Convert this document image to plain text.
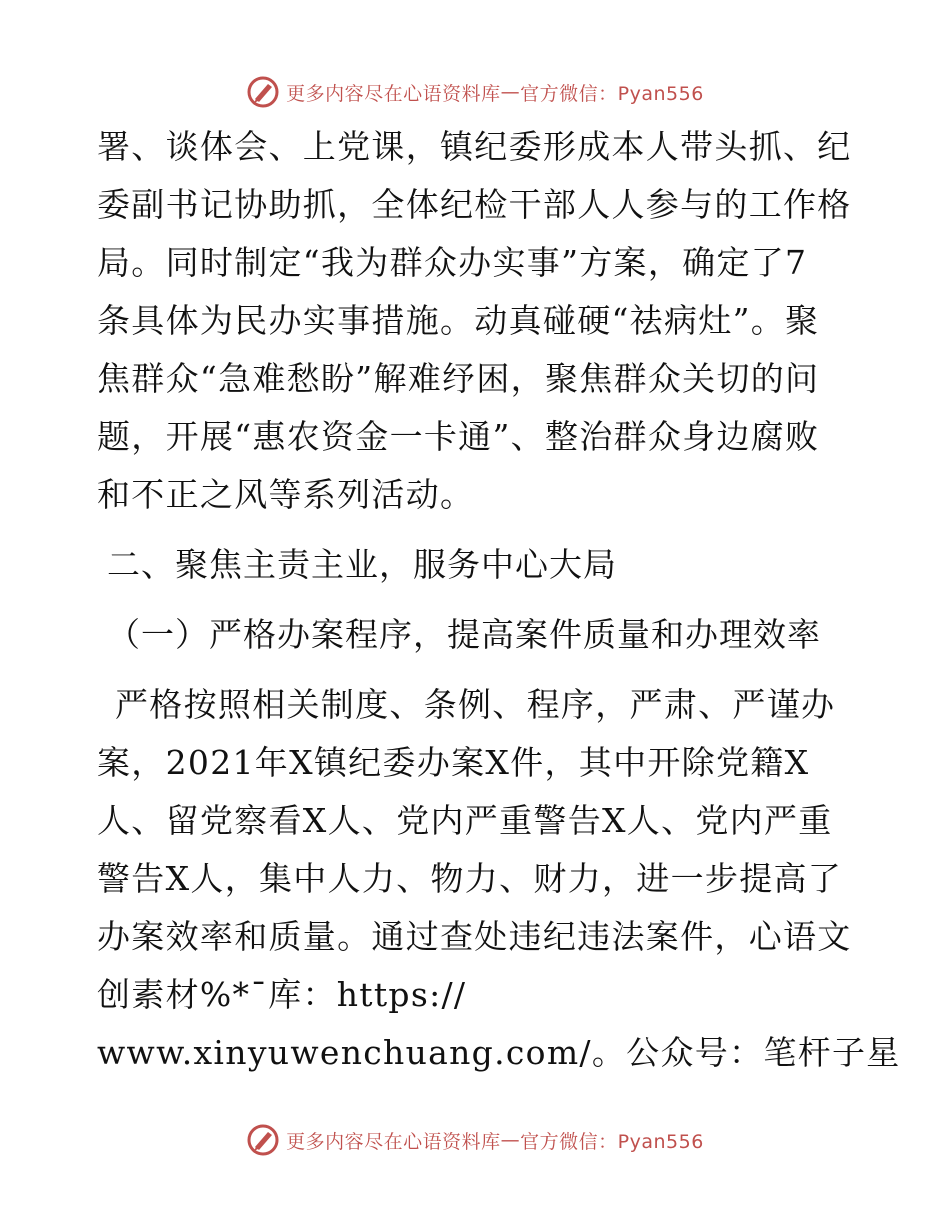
更多内容尽在心语资料库 — 官方微信：Pyan556
署、谈体会、上党课，镇纪委形成本人带头抓、纪
委副书记协助抓，全体纪检干部人人参与的工作格
局。同时制定“我为群众办实事”方案，确定了7
条具体为民办实事措施。动真碰硬“祛病灶”。聚
焦群众“急难愁盼”解难纾困，聚焦群众关切的问
题，开展“惠农资金一卡通”、整治群众身边腐败
和不正之风等系列活动。
二、聚焦主责主业，服务中心大局
（一）严格办案程序，提高案件质量和办理效率
严格按照相关制度、条例、程序，严肃、严谨办
案，2021年X镇纪委办案X件，其中开除党籍X
人、留党察看X人、党内严重警告X人、党内严重
警告X人，集中人力、物力、财力，进一步提高了
办案效率和质量。通过查处违纪违法案件，心语文
创素材%*¯库：https://
www.xinyuwenchuang.com/。公众号：笔杆子星
更多内容尽在心语资料库 — 官方微信：Pyan556
